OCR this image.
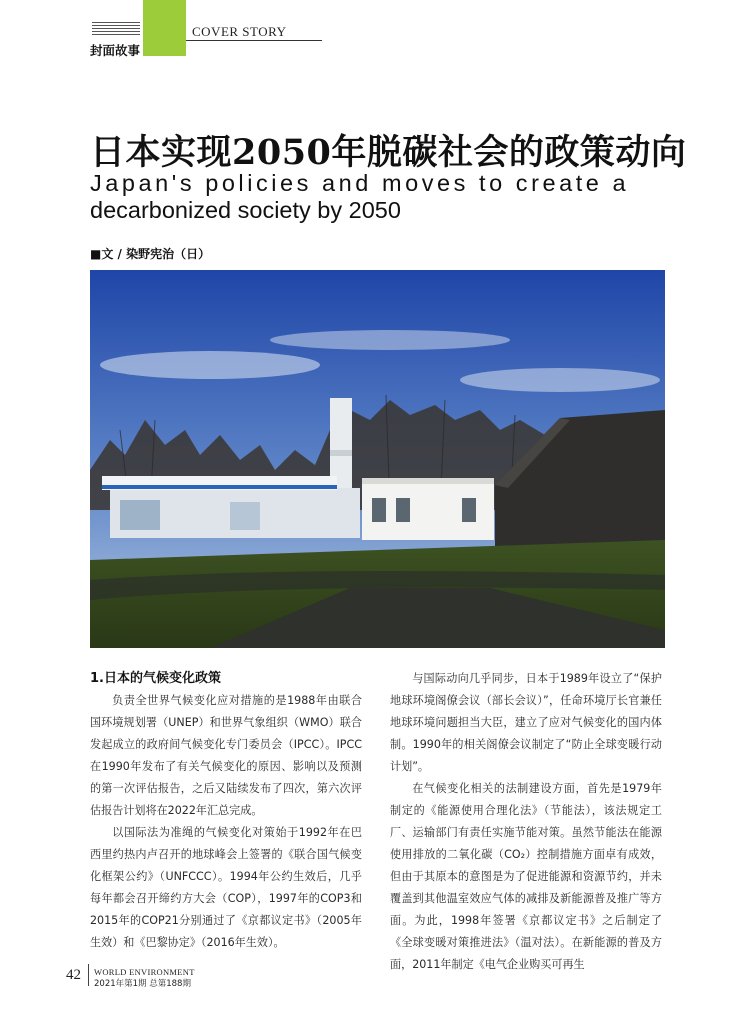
COVER STORY
封面故事
日本实现2050年脱碳社会的政策动向
Japan's policies and moves to create a
decarbonized society by 2050
■文 / 染野宪治（日）
1.日本的气候变化政策

负责全世界气候变化应对措施的是1988年由联合国环境规划署（UNEP）和世界气象组织（WMO）联合发起成立的政府间气候变化专门委员会（IPCC）。IPCC在1990年发布了有关气候变化的原因、影响以及预测的第一次评估报告，之后又陆续发布了四次，第六次评估报告计划将在2022年汇总完成。

以国际法为准绳的气候变化对策始于1992年在巴西里约热内卢召开的地球峰会上签署的《联合国气候变化框架公约》（UNFCCC）。1994年公约生效后，几乎每年都会召开缔约方大会（COP），1997年的COP3和2015年的COP21分别通过了《京都议定书》（2005年生效）和《巴黎协定》（2016年生效）。

与国际动向几乎同步，日本于1989年设立了“保护地球环境阁僚会议（部长会议）”，任命环境厅长官兼任地球环境问题担当大臣，建立了应对气候变化的国内体制。1990年的相关阁僚会议制定了“防止全球变暖行动计划”。

在气候变化相关的法制建设方面，首先是1979年制定的《能源使用合理化法》（节能法），该法规定工厂、运输部门有责任实施节能对策。虽然节能法在能源使用排放的二氧化碳（CO₂）控制措施方面卓有成效，但由于其原本的意图是为了促进能源和资源节约，并未覆盖到其他温室效应气体的减排及新能源普及推广等方面。为此，1998年签署《京都议定书》之后制定了《全球变暖对策推进法》（温对法）。在新能源的普及方面，2011年制定《电气企业购买可再生

42 WORLD ENVIRONMENT
2021年第1期 总第188期
